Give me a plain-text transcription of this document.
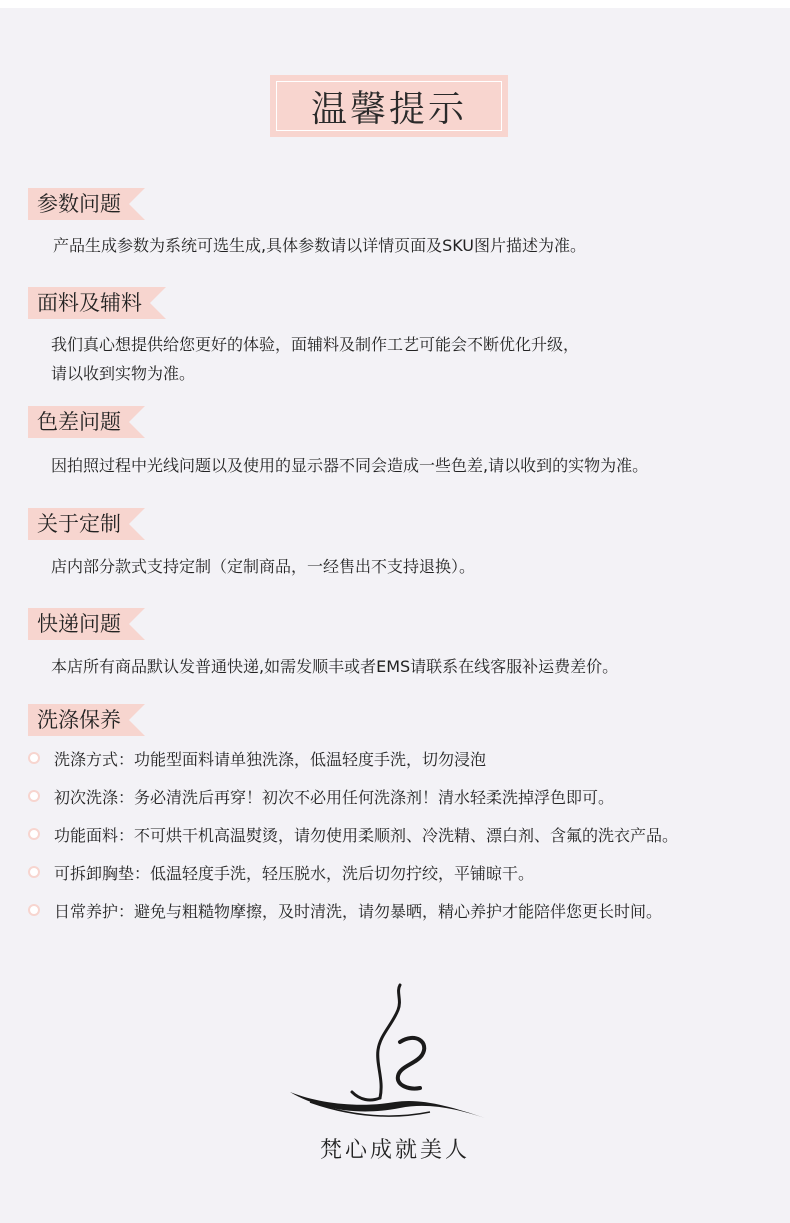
温馨提示
参数问题
产品生成参数为系统可选生成,具体参数请以详情页面及SKU图片描述为准。
面料及辅料
我们真心想提供给您更好的体验，面辅料及制作工艺可能会不断优化升级，
请以收到实物为准。
色差问题
因拍照过程中光线问题以及使用的显示器不同会造成一些色差,请以收到的实物为准。
关于定制
店内部分款式支持定制（定制商品，一经售出不支持退换）。
快递问题
本店所有商品默认发普通快递,如需发顺丰或者EMS请联系在线客服补运费差价。
洗涤保养
洗涤方式：功能型面料请单独洗涤，低温轻度手洗，切勿浸泡
初次洗涤：务必清洗后再穿！初次不必用任何洗涤剂！清水轻柔洗掉浮色即可。
功能面料：不可烘干机高温熨烫，请勿使用柔顺剂、冷洗精、漂白剂、含氟的洗衣产品。
可拆卸胸垫：低温轻度手洗，轻压脱水，洗后切勿拧绞，平铺晾干。
日常养护：避免与粗糙物摩擦，及时清洗，请勿暴晒，精心养护才能陪伴您更长时间。
梵心成就美人
